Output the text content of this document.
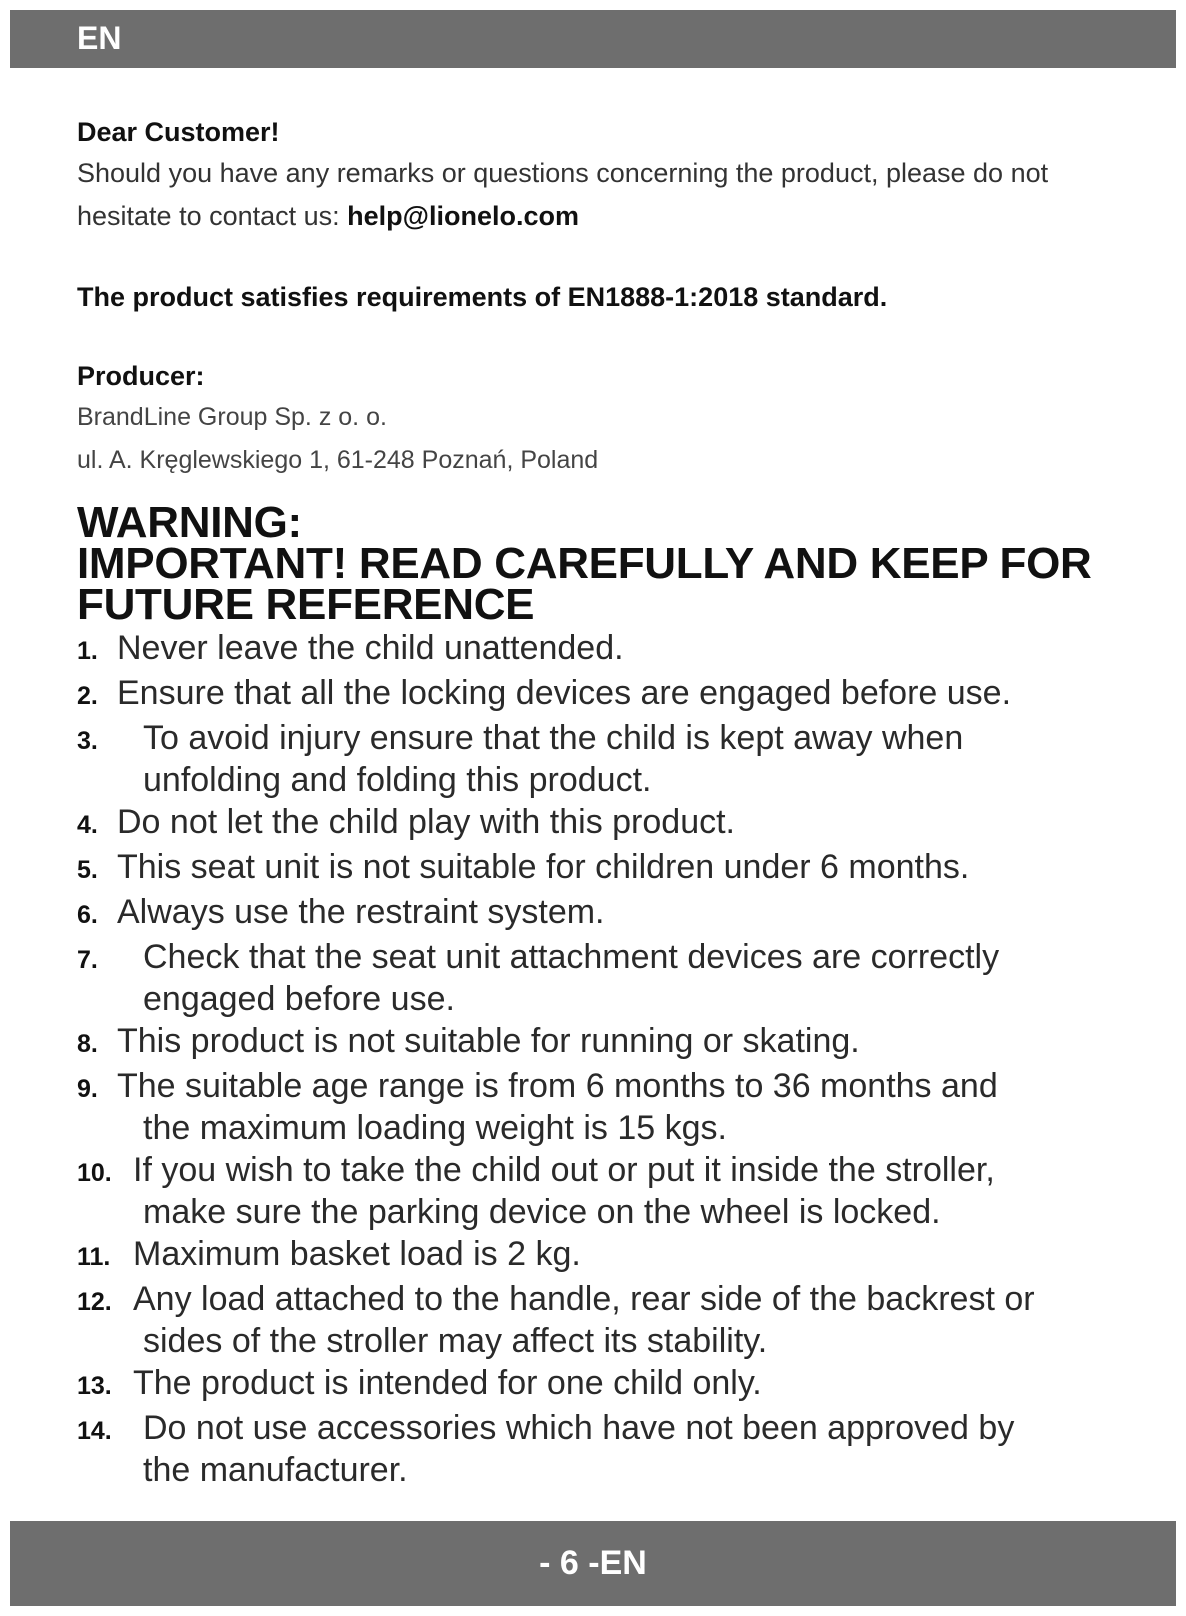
EN
Dear Customer!
Should you have any remarks or questions concerning the product, please do not
hesitate to contact us: help@lionelo.com
The product satisfies requirements of EN1888-1:2018 standard.
Producer:
BrandLine Group Sp. z o. o.
ul. A. Kręglewskiego 1, 61-248 Poznań, Poland
WARNING:
IMPORTANT! READ CAREFULLY AND KEEP FOR
FUTURE REFERENCE
1. Never leave the child unattended.
2. Ensure that all the locking devices are engaged before use.
3. To avoid injury ensure that the child is kept away when
unfolding and folding this product.
4. Do not let the child play with this product.
5. This seat unit is not suitable for children under 6 months.
6. Always use the restraint system.
7. Check that the seat unit attachment devices are correctly
engaged before use.
8. This product is not suitable for running or skating.
9. The suitable age range is from 6 months to 36 months and
the maximum loading weight is 15 kgs.
10. If you wish to take the child out or put it inside the stroller,
make sure the parking device on the wheel is locked.
11. Maximum basket load is 2 kg.
12. Any load attached to the handle, rear side of the backrest or
sides of the stroller may affect its stability.
13. The product is intended for one child only.
14. Do not use accessories which have not been approved by
the manufacturer.
- 6 -EN
